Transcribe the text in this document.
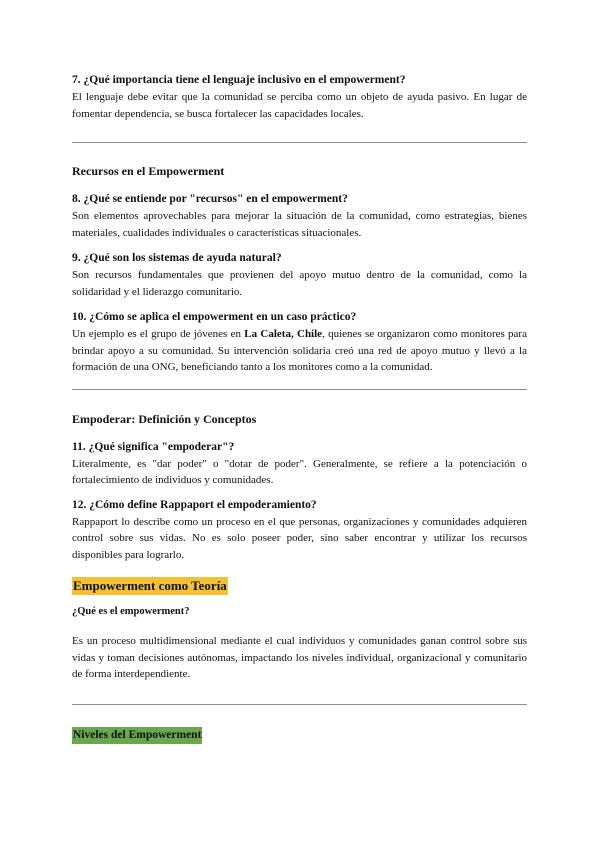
7. ¿Qué importancia tiene el lenguaje inclusivo en el empowerment?

El lenguaje debe evitar que la comunidad se perciba como un objeto de ayuda pasivo. En lugar de fomentar dependencia, se busca fortalecer las capacidades locales.

Recursos en el Empowerment

8. ¿Qué se entiende por "recursos" en el empowerment?

Son elementos aprovechables para mejorar la situación de la comunidad, como estrategias, bienes materiales, cualidades individuales o características situacionales.

9. ¿Qué son los sistemas de ayuda natural?

Son recursos fundamentales que provienen del apoyo mutuo dentro de la comunidad, como la solidaridad y el liderazgo comunitario.

10. ¿Cómo se aplica el empowerment en un caso práctico?

Un ejemplo es el grupo de jóvenes en La Caleta, Chile, quienes se organizaron como monitores para brindar apoyo a su comunidad. Su intervención solidaria creó una red de apoyo mutuo y llevó a la formación de una ONG, beneficiando tanto a los monitores como a la comunidad.

Empoderar: Definición y Conceptos

11. ¿Qué significa "empoderar"?

Literalmente, es "dar poder" o "dotar de poder". Generalmente, se refiere a la potenciación o fortalecimiento de individuos y comunidades.

12. ¿Cómo define Rappaport el empoderamiento?

Rappaport lo describe como un proceso en el que personas, organizaciones y comunidades adquieren control sobre sus vidas. No es solo poseer poder, sino saber encontrar y utilizar los recursos disponibles para lograrlo.

Empowerment como Teoría

¿Qué es el empowerment?

Es un proceso multidimensional mediante el cual individuos y comunidades ganan control sobre sus vidas y toman decisiones autónomas, impactando los niveles individual, organizacional y comunitario de forma interdependiente.

Niveles del Empowerment
